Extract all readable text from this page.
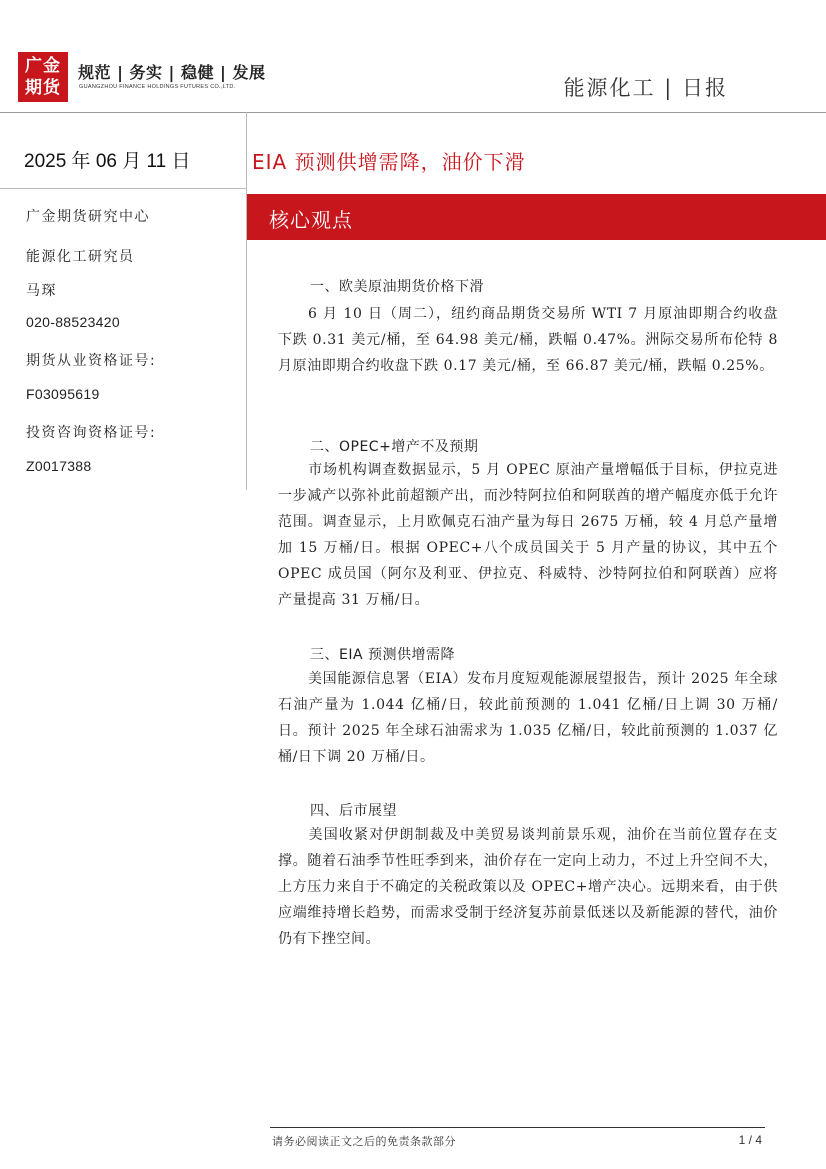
广金
期货
规范 | 务实 | 稳健 | 发展
GUANGZHOU FINANCE HOLDINGS FUTURES CO.,LTD.	能源化工 | 日报
2025 年 06 月 11 日
广金期货研究中心
能源化工研究员
马琛
020-88523420
期货从业资格证号:
F03095619
投资咨询资格证号:
Z0017388
EIA 预测供增需降，油价下滑
核心观点
一、欧美原油期货价格下滑
6 月 10 日（周二），纽约商品期货交易所 WTI 7 月原油即期合约收盘下跌 0.31 美元/桶，至 64.98 美元/桶，跌幅 0.47%。洲际交易所布伦特 8 月原油即期合约收盘下跌 0.17 美元/桶，至 66.87 美元/桶，跌幅 0.25%。
二、OPEC+增产不及预期
市场机构调查数据显示，5 月 OPEC 原油产量增幅低于目标，伊拉克进一步减产以弥补此前超额产出，而沙特阿拉伯和阿联酋的增产幅度亦低于允许范围。调查显示，上月欧佩克石油产量为每日 2675 万桶，较 4 月总产量增加 15 万桶/日。根据 OPEC+八个成员国关于 5 月产量的协议，其中五个 OPEC 成员国（阿尔及利亚、伊拉克、科威特、沙特阿拉伯和阿联酋）应将产量提高 31 万桶/日。
三、EIA 预测供增需降
美国能源信息署（EIA）发布月度短观能源展望报告，预计 2025 年全球石油产量为 1.044 亿桶/日，较此前预测的 1.041 亿桶/日上调 30 万桶/日。预计 2025 年全球石油需求为 1.035 亿桶/日，较此前预测的 1.037 亿桶/日下调 20 万桶/日。
四、后市展望
美国收紧对伊朗制裁及中美贸易谈判前景乐观，油价在当前位置存在支撑。随着石油季节性旺季到来，油价存在一定向上动力，不过上升空间不大，上方压力来自于不确定的关税政策以及 OPEC+增产决心。远期来看，由于供应端维持增长趋势，而需求受制于经济复苏前景低迷以及新能源的替代，油价仍有下挫空间。
请务必阅读正文之后的免责条款部分	1 / 4
